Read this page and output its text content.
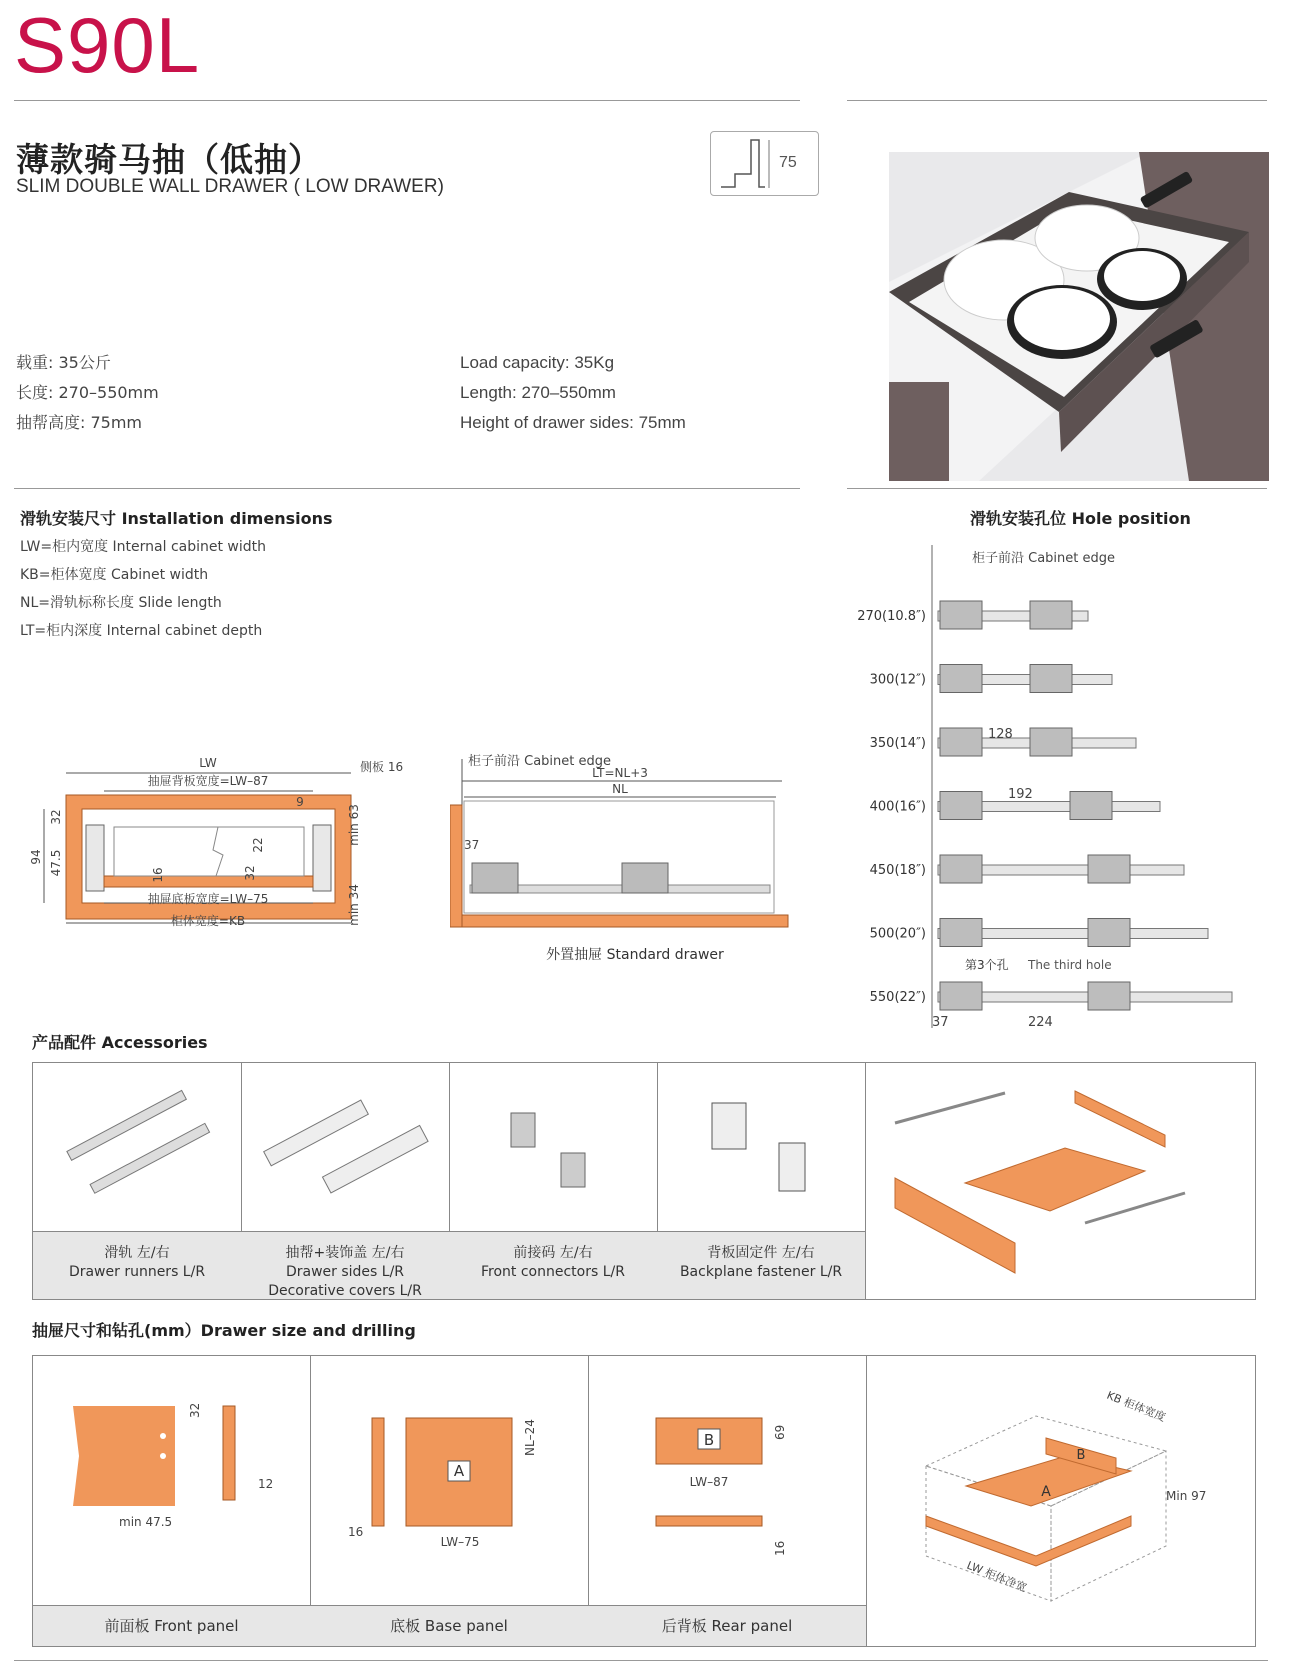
S90L
薄款骑马抽（低抽）
SLIM DOUBLE WALL DRAWER ( LOW DRAWER)
75
载重: 35公斤
长度: 270–550mm
抽帮高度: 75mm
Load capacity: 35Kg
Length: 270–550mm
Height of drawer sides: 75mm
滑轨安装尺寸 Installation dimensions
LW=柜内宽度 Internal cabinet width
KB=柜体宽度 Cabinet width
NL=滑轨标称长度 Slide length
LT=柜内深度 Internal cabinet depth
LW	侧板 16
抽屉背板宽度=LW–87
9
94
32
47.5
22
32
16
min 63
min 34
抽屉底板宽度=LW–75
柜体宽度=KB
柜子前沿 Cabinet edge
LT=NL+3
NL
37
外置抽屉 Standard drawer
滑轨安装孔位 Hole position
柜子前沿 Cabinet edge
270(10.8″)
300(12″)
350(14″)
400(16″)
450(18″)
500(20″)
550(22″)
128
192
第3个孔 The third hole
37	224
产品配件 Accessories
滑轨 左/右
Drawer runners L/R
抽帮+装饰盖 左/右
Drawer sides L/R
Decorative covers L/R
前接码 左/右
Front connectors L/R
背板固定件 左/右
Backplane fastener L/R
抽屉尺寸和钻孔(mm）Drawer size and drilling
32
12
min 47.5
前面板 Front panel
A
NL–24
LW–75
16
底板 Base panel
B	69
LW–87
16
后背板 Rear panel
A
B
KB 柜体宽度
LW 柜体净宽
Min 97
